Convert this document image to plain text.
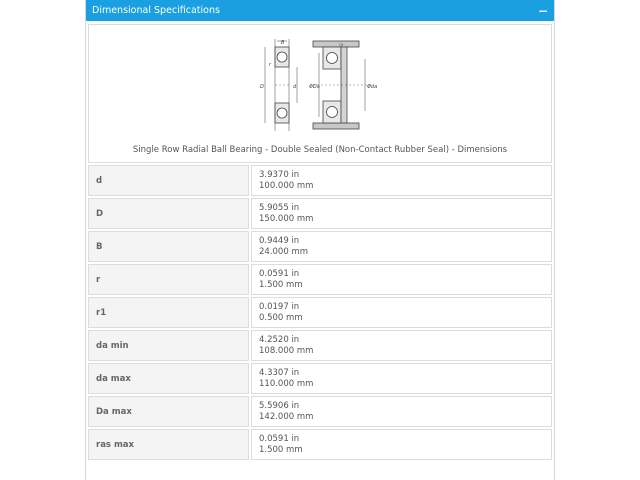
Dimensional Specifications	−
B
r
D	d	ΦDa	Φda
ra
Single Row Radial Ball Bearing - Double Sealed (Non-Contact Rubber Seal) - Dimensions
d	3.9370 in
100.000 mm

D	5.9055 in
150.000 mm

B	0.9449 in
24.000 mm

r	0.0591 in
1.500 mm

r1	0.0197 in
0.500 mm

da min	4.2520 in
108.000 mm

da max	4.3307 in
110.000 mm

Da max	5.5906 in
142.000 mm

ras max	0.0591 in
1.500 mm
